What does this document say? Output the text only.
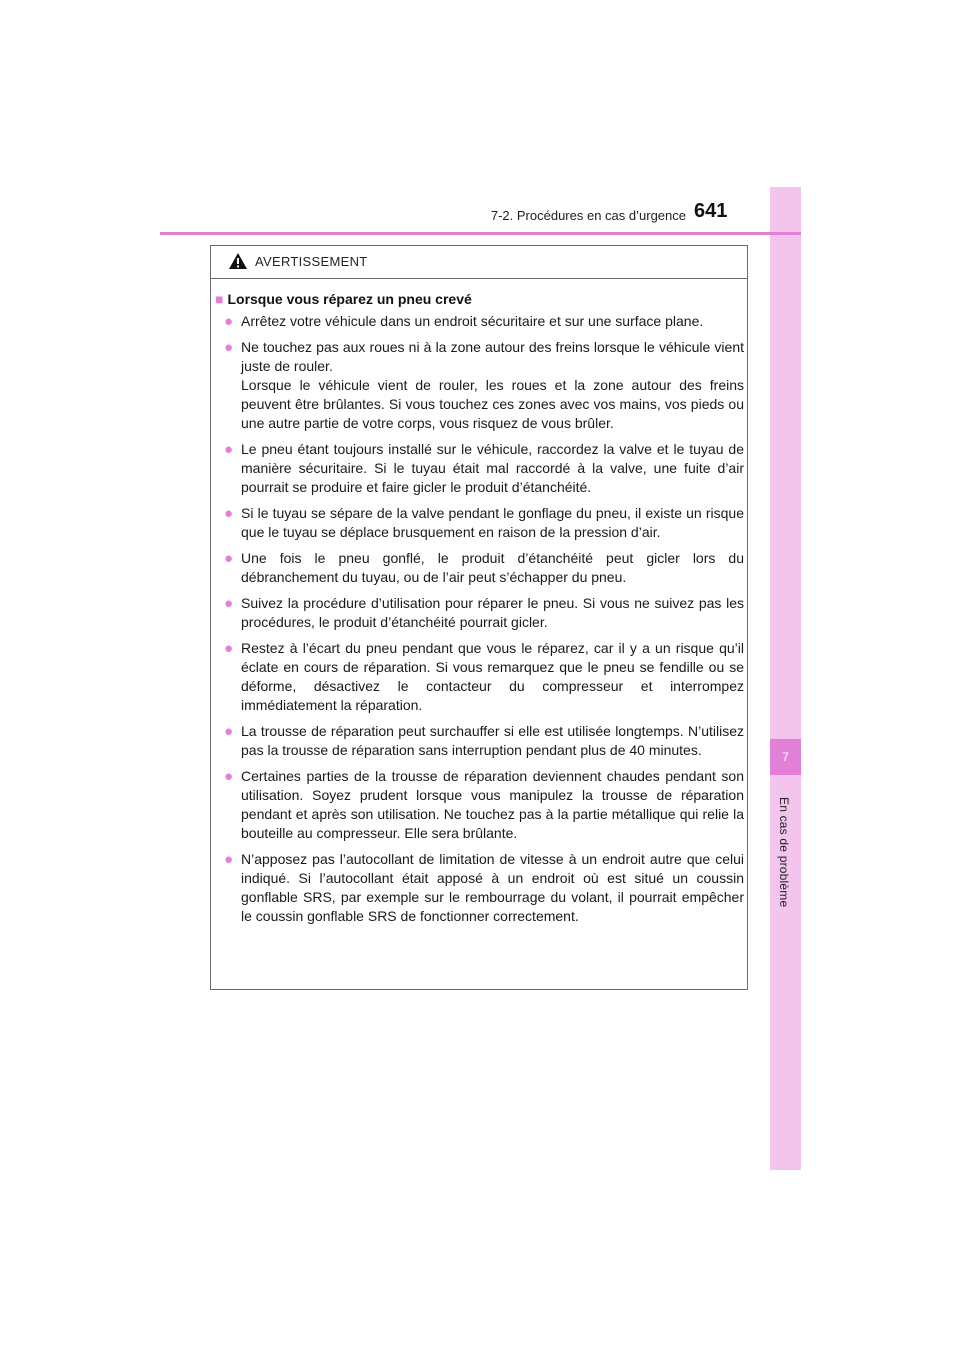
7
En cas de problème
7-2. Procédures en cas d’urgence 641
AVERTISSEMENT
■ Lorsque vous réparez un pneu crevé
● Arrêtez votre véhicule dans un endroit sécuritaire et sur une surface plane.
● Ne touchez pas aux roues ni à la zone autour des freins lorsque le véhicule vient juste de rouler.
Lorsque le véhicule vient de rouler, les roues et la zone autour des freins peuvent être brûlantes. Si vous touchez ces zones avec vos mains, vos pieds ou une autre partie de votre corps, vous risquez de vous brûler.
● Le pneu étant toujours installé sur le véhicule, raccordez la valve et le tuyau de manière sécuritaire. Si le tuyau était mal raccordé à la valve, une fuite d’air pourrait se produire et faire gicler le produit d’étanchéité.
● Si le tuyau se sépare de la valve pendant le gonflage du pneu, il existe un risque que le tuyau se déplace brusquement en raison de la pression d’air.
● Une fois le pneu gonflé, le produit d’étanchéité peut gicler lors du débranchement du tuyau, ou de l’air peut s’échapper du pneu.
● Suivez la procédure d’utilisation pour réparer le pneu. Si vous ne suivez pas les procédures, le produit d’étanchéité pourrait gicler.
● Restez à l’écart du pneu pendant que vous le réparez, car il y a un risque qu’il éclate en cours de réparation. Si vous remarquez que le pneu se fendille ou se déforme, désactivez le contacteur du compresseur et interrompez immédiatement la réparation.
● La trousse de réparation peut surchauffer si elle est utilisée longtemps. N’utilisez pas la trousse de réparation sans interruption pendant plus de 40 minutes.
● Certaines parties de la trousse de réparation deviennent chaudes pendant son utilisation. Soyez prudent lorsque vous manipulez la trousse de réparation pendant et après son utilisation. Ne touchez pas à la partie métallique qui relie la bouteille au compresseur. Elle sera brûlante.
● N’apposez pas l’autocollant de limitation de vitesse à un endroit autre que celui indiqué. Si l’autocollant était apposé à un endroit où est situé un coussin gonflable SRS, par exemple sur le rembourrage du volant, il pourrait empêcher le coussin gonflable SRS de fonctionner correctement.
